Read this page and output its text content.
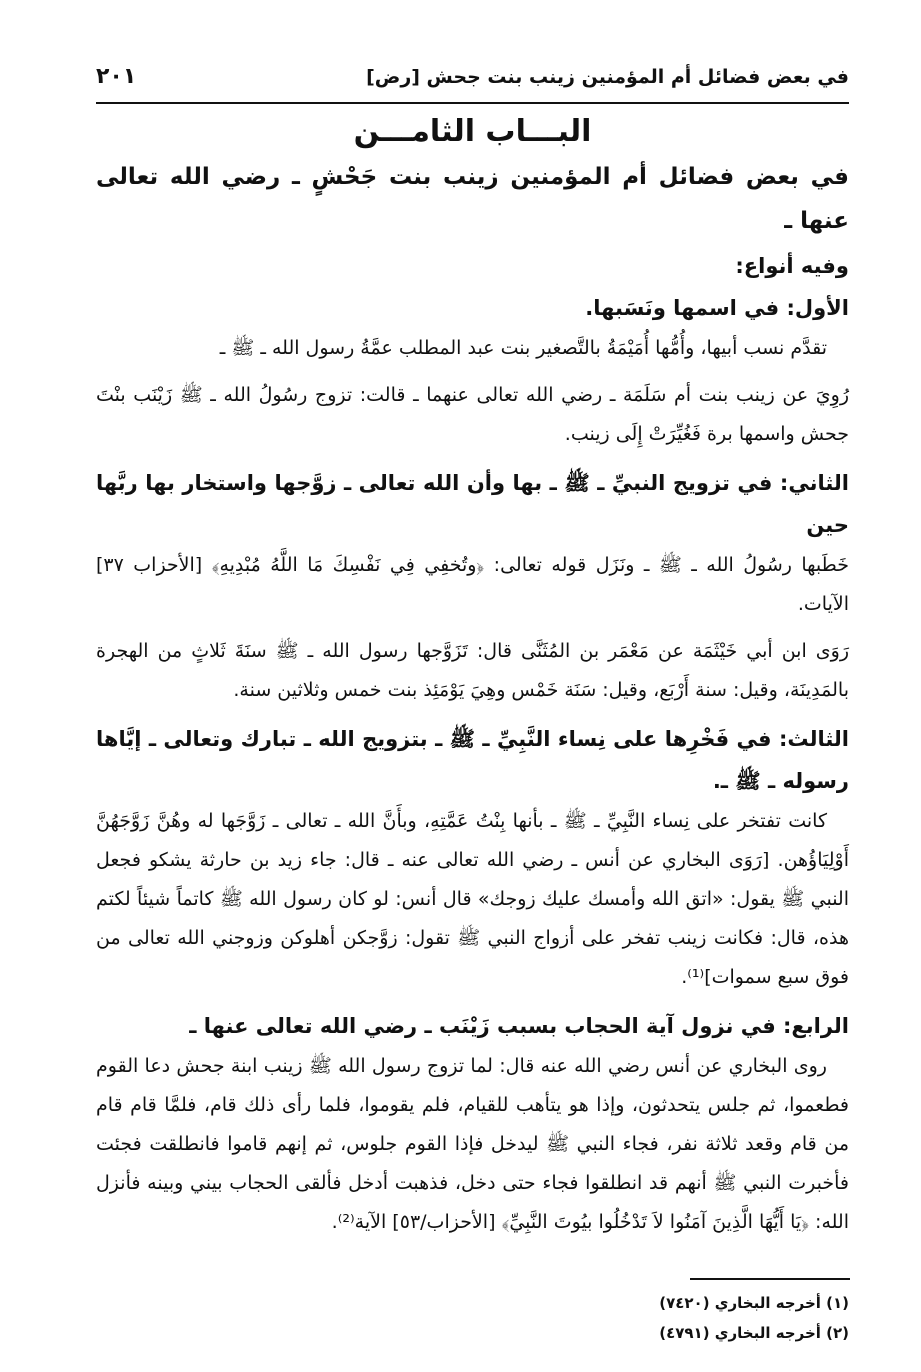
في بعض فضائل أم المؤمنين زينب بنت جحش [رض]
٢٠١
البـــاب الثامـــن
في بعض فضائل أم المؤمنين زينب بنت جَحْشٍ ـ رضي الله تعالى عنها ـ
وفيه أنواع:
الأول: في اسمها ونَسَبها.
تقدَّم نسب أبيها، وأُمُّها أُمَيْمَةُ بالتَّصغير بنت عبد المطلب عمَّةُ رسول الله ـ ﷺ ـ
رُوِيَ عن زينب بنت أم سَلَمَة ـ رضي الله تعالى عنهما ـ قالت: تزوج رسُولُ الله ـ ﷺ زَيْنَب بنْتَ جحش واسمها برة فَغُيِّرَتْ إِلَى زينب.
الثاني: في تزويج النبيِّ ـ ﷺ ـ بها وأن الله تعالى ـ زوَّجها واستخار بها ربَّها حين
خَطَبها رسُولُ الله ـ ﷺ ـ ونَزَل قوله تعالى: ﴿وتُخفِي فِي نَفْسِكَ مَا اللَّهُ مُبْدِيهِ﴾ [الأحزاب ٣٧] الآيات.
رَوَى ابن أبي خَيْثَمَة عن مَعْمَر بن المُثَنَّى قال: تَزَوَّجها رسول الله ـ ﷺ سنَةَ ثَلاثٍ من الهجرة بالمَدِينَة، وقيل: سنة أَرْبَع، وقيل: سَنَة خَمْس وهِيَ يَوْمَئِذ بنت خمس وثلاثين سنة.
الثالث: في فَخْرِها على نِساء النَّبِيِّ ـ ﷺ ـ بتزويج الله ـ تبارك وتعالى ـ إيَّاها رسوله ـ ﷺ ـ.
كانت تفتخر على نِساء النَّبِيِّ ـ ﷺ ـ بأنها بِنْتُ عَمَّتِهِ، وبأَنَّ الله ـ تعالى ـ زَوَّجَها له وهُنَّ زَوَّجَهُنَّ أَوْلِيَاؤُهن. [رَوَى البخاري عن أنس ـ رضي الله تعالى عنه ـ قال: جاء زيد بن حارثة يشكو فجعل النبي ﷺ يقول: «اتق الله وأمسك عليك زوجك» قال أنس: لو كان رسول الله ﷺ كاتماً شيئاً لكتم هذه، قال: فكانت زينب تفخر على أزواج النبي ﷺ تقول: زوَّجكن أهلوكن وزوجني الله تعالى من فوق سبع سموات]⁽¹⁾.
الرابع: في نزول آية الحجاب بسبب زَيْنَب ـ رضي الله تعالى عنها ـ
روى البخاري عن أنس رضي الله عنه قال: لما تزوج رسول الله ﷺ زينب ابنة جحش دعا القوم فطعموا، ثم جلس يتحدثون، وإذا هو يتأهب للقيام، فلم يقوموا، فلما رأى ذلك قام، فلمَّا قام قام من قام وقعد ثلاثة نفر، فجاء النبي ﷺ ليدخل فإذا القوم جلوس، ثم إنهم قاموا فانطلقت فجئت فأخبرت النبي ﷺ أنهم قد انطلقوا فجاء حتى دخل، فذهبت أدخل فألقى الحجاب بيني وبينه فأنزل الله: ﴿يَا أَيُّهَا الَّذِينَ آمَنُوا لاَ تَدْخُلُوا بيُوتَ النَّبِيِّ﴾ [الأحزاب/٥٣] الآية⁽²⁾.
(١) أخرجه البخاري (٧٤٢٠)
(٢) أخرجه البخاري (٤٧٩١)
